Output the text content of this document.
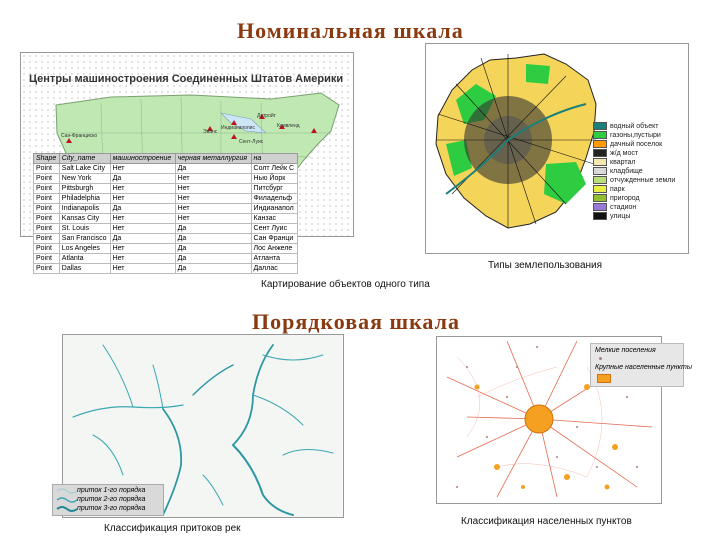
Номинальная шкала
Порядковая шкала
Центры машиностроения Соединенных Штатов Америки
Сан-Франциско
Эванс
Индианаполис
Детройт
Кливленд
Сент-Луис
Shape	City_name	машиностроение	черная металлургия	на
Point	Salt Lake City	Нет	Да	Солт Лейк С
Point	New York	Да	Нет	Нью Йорк
Point	Pittsburgh	Нет	Нет	Питсбург
Point	Philadelphia	Нет	Нет	Филадельф
Point	Indianapolis	Да	Нет	Индианапол
Point	Kansas City	Нет	Нет	Канзас
Point	St. Louis	Нет	Да	Сент Луис
Point	San Francisco	Да	Да	Сан Франци
Point	Los Angeles	Нет	Да	Лос Анжеле
Point	Atlanta	Нет	Да	Атланта
Point	Dallas	Нет	Да	Даллас
водный объект
газоны,пустыри
дачный поселок
ж/д мост
квартал
кладбище
отчужденные земли
парк
пригород
стадион
улицы
Типы землепользования
Картирование объектов одного типа
приток 1-го порядка
приток 2-го порядка
приток 3-го порядка
Классификация притоков рек
Мелкие поселения
Крупные населенные пункты
Классификация населенных пунктов
